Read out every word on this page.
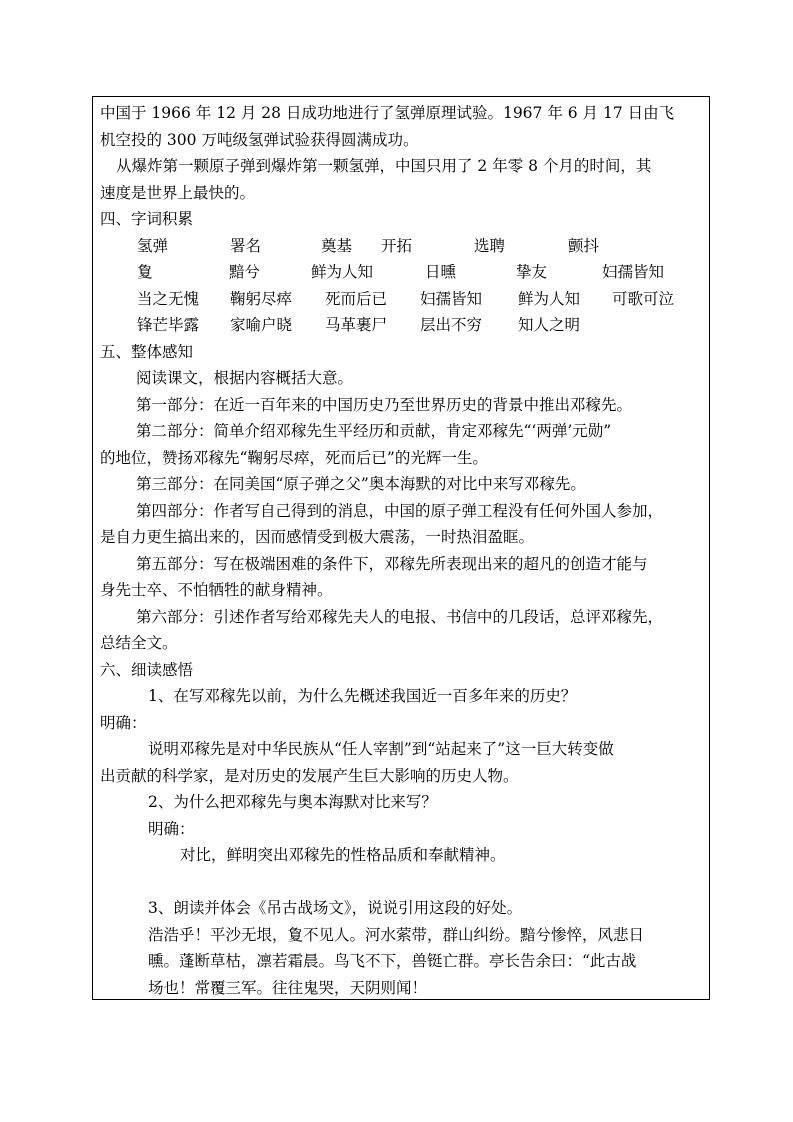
中国于 1966 年 12 月 28 日成功地进行了氢弹原理试验。1967 年 6 月 17 日由飞

机空投的 300 万吨级氢弹试验获得圆满成功。

从爆炸第一颗原子弹到爆炸第一颗氢弹，中国只用了 2 年零 8 个月的时间，其

速度是世界上最快的。

四、字词积累

氢弹	署名	奠基 开拓	选聘	颤抖
夐	黯兮	鲜为人知	日曛	挚友	妇孺皆知
当之无愧 鞠躬尽瘁 死而后已 妇孺皆知 鲜为人知 可歌可泣
锋芒毕露 家喻户晓 马革裹尸 层出不穷 知人之明

五、整体感知

阅读课文，根据内容概括大意。

第一部分：在近一百年来的中国历史乃至世界历史的背景中推出邓稼先。

第二部分：简单介绍邓稼先生平经历和贡献，肯定邓稼先“‘两弹’元勋”

的地位，赞扬邓稼先“鞠躬尽瘁，死而后已”的光辉一生。

第三部分：在同美国“原子弹之父”奥本海默的对比中来写邓稼先。

第四部分：作者写自己得到的消息，中国的原子弹工程没有任何外国人参加，

是自力更生搞出来的，因而感情受到极大震荡，一时热泪盈眶。

第五部分：写在极端困难的条件下，邓稼先所表现出来的超凡的创造才能与

身先士卒、不怕牺牲的献身精神。

第六部分：引述作者写给邓稼先夫人的电报、书信中的几段话，总评邓稼先，

总结全文。

六、细读感悟

1、在写邓稼先以前，为什么先概述我国近一百多年来的历史？

明确：

说明邓稼先是对中华民族从“任人宰割”到“站起来了”这一巨大转变做

出贡献的科学家，是对历史的发展产生巨大影响的历史人物。

2、为什么把邓稼先与奥本海默对比来写？

明确：

对比，鲜明突出邓稼先的性格品质和奉献精神。

3、朗读并体会《吊古战场文》，说说引用这段的好处。

浩浩乎！平沙无垠，夐不见人。河水萦带，群山纠纷。黯兮惨悴，风悲日

曛。蓬断草枯，凛若霜晨。鸟飞不下，兽铤亡群。亭长告余曰：“此古战

场也！常覆三军。往往鬼哭，天阴则闻！
